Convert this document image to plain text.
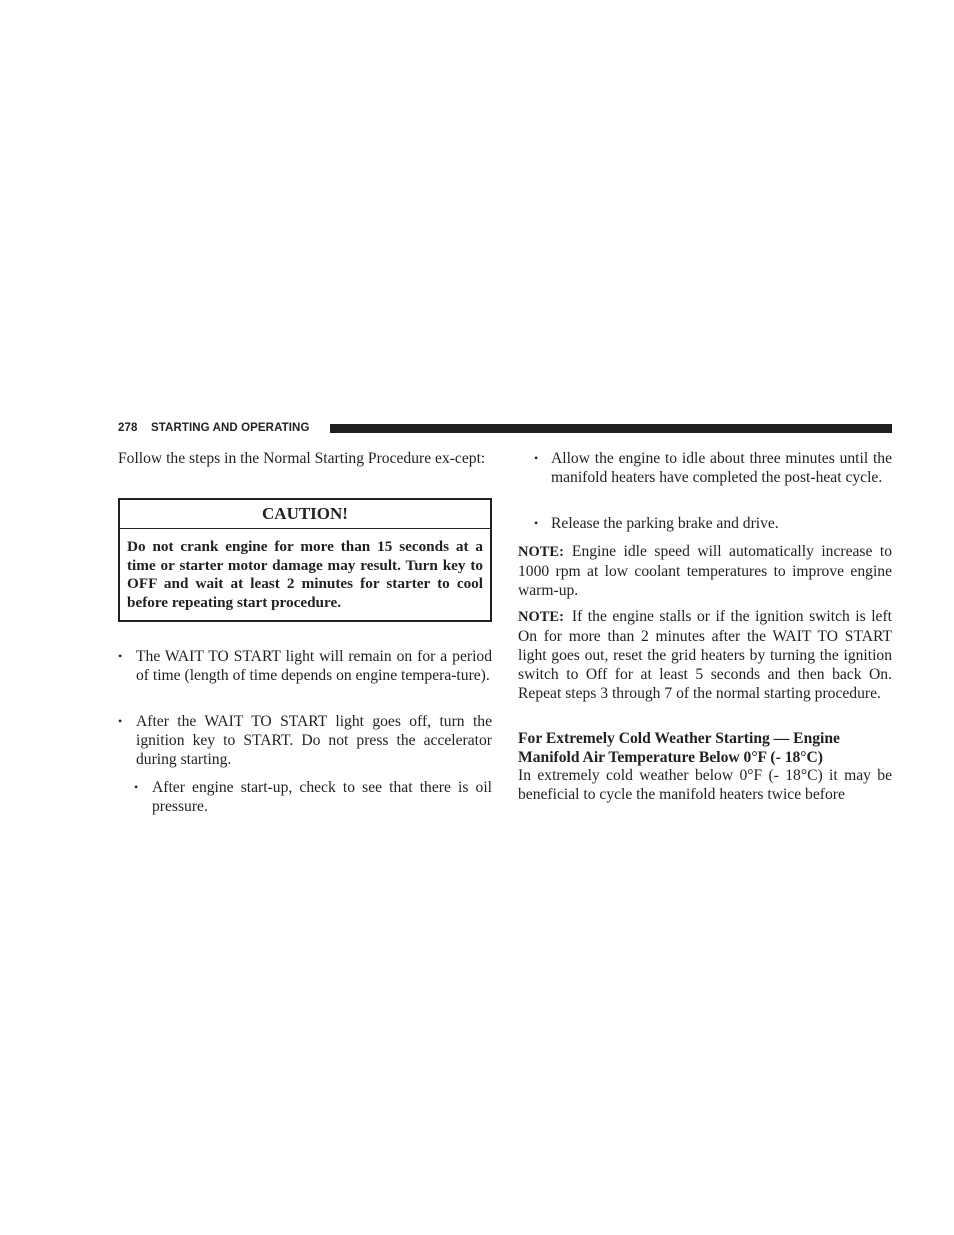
278 STARTING AND OPERATING

Follow the steps in the Normal Starting Procedure ex-cept:

CAUTION!
Do not crank engine for more than 15 seconds at a time or starter motor damage may result. Turn key to OFF and wait at least 2 minutes for starter to cool before repeating start procedure.
• The WAIT TO START light will remain on for a period of time (length of time depends on engine tempera-ture).
• After the WAIT TO START light goes off, turn the ignition key to START. Do not press the accelerator during starting.
• After engine start-up, check to see that there is oil pressure.
• Allow the engine to idle about three minutes until the manifold heaters have completed the post-heat cycle.
• Release the parking brake and drive.

NOTE: Engine idle speed will automatically increase to 1000 rpm at low coolant temperatures to improve engine warm-up.

NOTE: If the engine stalls or if the ignition switch is left On for more than 2 minutes after the WAIT TO START light goes out, reset the grid heaters by turning the ignition switch to Off for at least 5 seconds and then back On. Repeat steps 3 through 7 of the normal starting procedure.

For Extremely Cold Weather Starting — Engine Manifold Air Temperature Below 0°F (- 18°C)

In extremely cold weather below 0°F (- 18°C) it may be beneficial to cycle the manifold heaters twice before
